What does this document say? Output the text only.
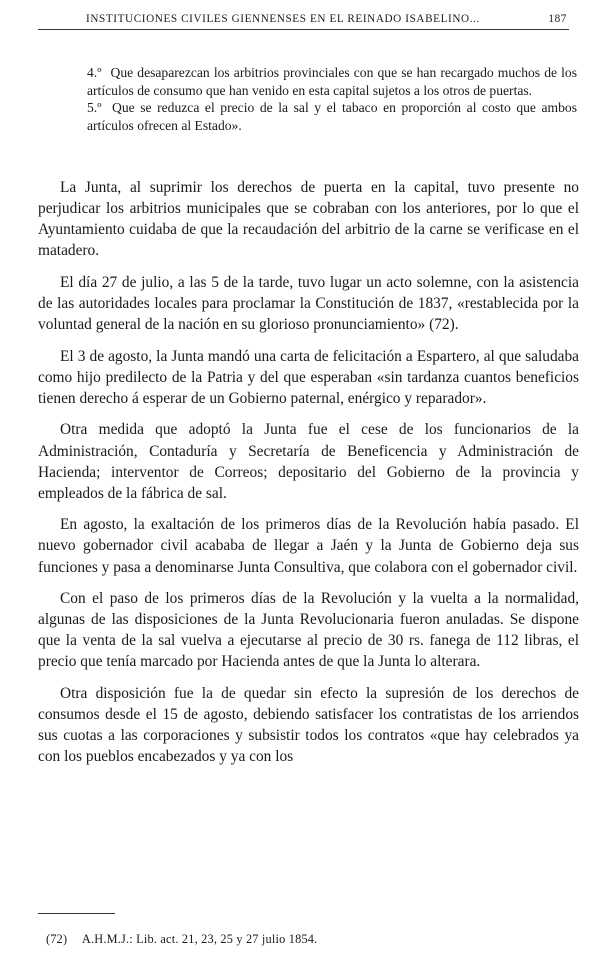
INSTITUCIONES CIVILES GIENNENSES EN EL REINADO ISABELINO...	187

4.º Que desaparezcan los arbitrios provinciales con que se han recargado muchos de los artículos de consumo que han venido en esta capital sujetos a los otros de puertas.

5.º Que se reduzca el precio de la sal y el tabaco en proporción al costo que ambos artículos ofrecen al Estado».

La Junta, al suprimir los derechos de puerta en la capital, tuvo presente no perjudicar los arbitrios municipales que se cobraban con los anteriores, por lo que el Ayuntamiento cuidaba de que la recaudación del arbitrio de la carne se verificase en el matadero.

El día 27 de julio, a las 5 de la tarde, tuvo lugar un acto solemne, con la asistencia de las autoridades locales para proclamar la Constitución de 1837, «restablecida por la voluntad general de la nación en su glorioso pronunciamiento» (72).

El 3 de agosto, la Junta mandó una carta de felicitación a Espartero, al que saludaba como hijo predilecto de la Patria y del que esperaban «sin tardanza cuantos beneficios tienen derecho á esperar de un Gobierno paternal, enérgico y reparador».

Otra medida que adoptó la Junta fue el cese de los funcionarios de la Administración, Contaduría y Secretaría de Beneficencia y Administración de Hacienda; interventor de Correos; depositario del Gobierno de la provincia y empleados de la fábrica de sal.

En agosto, la exaltación de los primeros días de la Revolución había pasado. El nuevo gobernador civil acababa de llegar a Jaén y la Junta de Gobierno deja sus funciones y pasa a denominarse Junta Consultiva, que colabora con el gobernador civil.

Con el paso de los primeros días de la Revolución y la vuelta a la normalidad, algunas de las disposiciones de la Junta Revolucionaria fueron anuladas. Se dispone que la venta de la sal vuelva a ejecutarse al precio de 30 rs. fanega de 112 libras, el precio que tenía marcado por Hacienda antes de que la Junta lo alterara.

Otra disposición fue la de quedar sin efecto la supresión de los derechos de consumos desde el 15 de agosto, debiendo satisfacer los contratistas de los arriendos sus cuotas a las corporaciones y subsistir todos los contratos «que hay celebrados ya con los pueblos encabezados y ya con los

(72) A.H.M.J.: Lib. act. 21, 23, 25 y 27 julio 1854.
